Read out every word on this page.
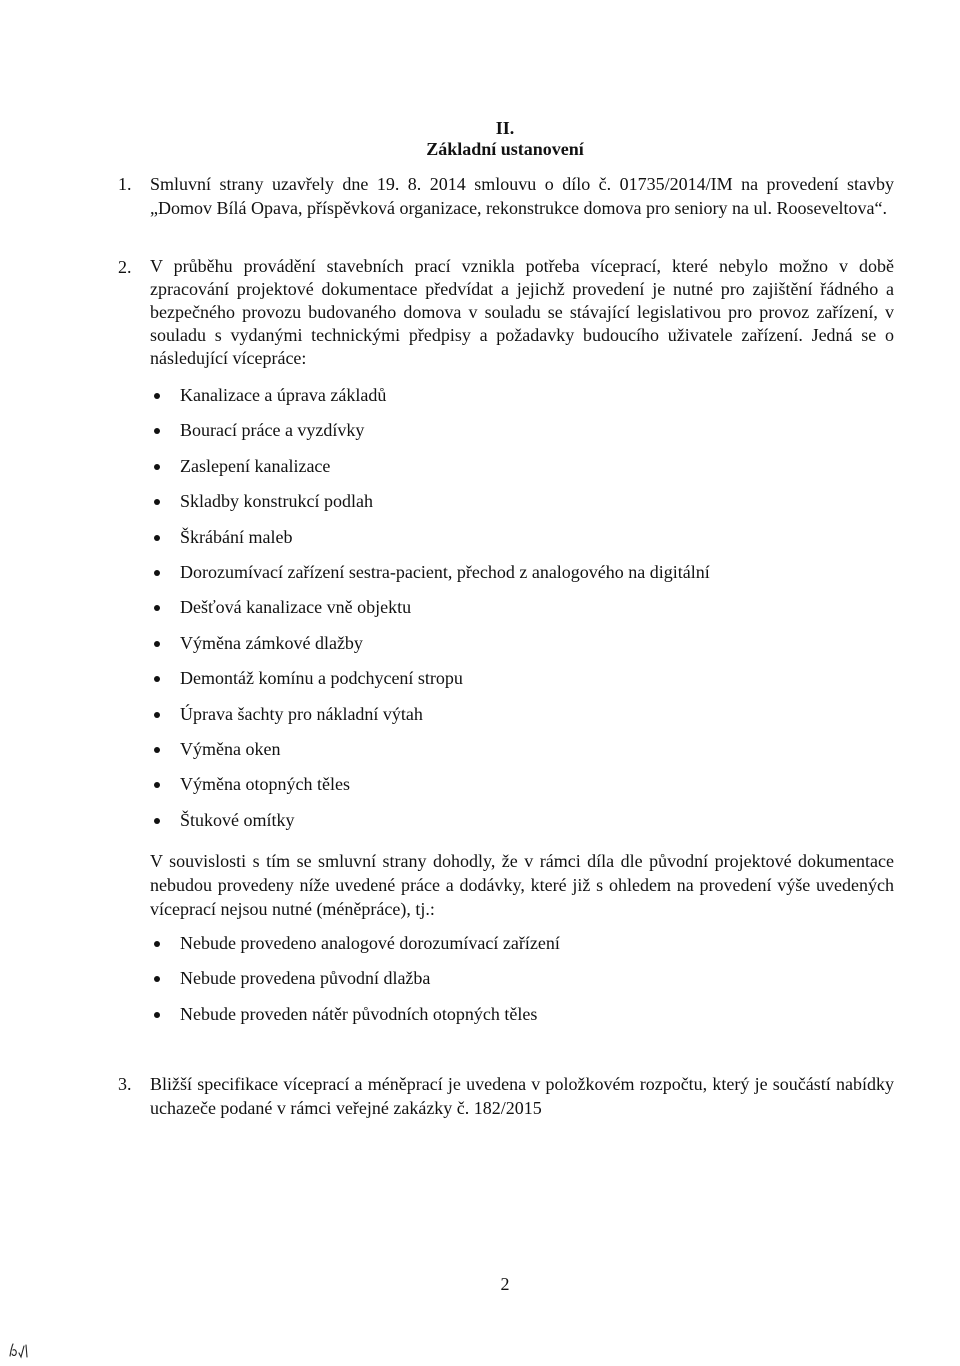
II.
Základní ustanovení
1. Smluvní strany uzavřely dne 19. 8. 2014 smlouvu o dílo č. 01735/2014/IM na provedení stavby „Domov Bílá Opava, příspěvková organizace, rekonstrukce domova pro seniory na ul. Rooseveltova“.
2. V průběhu provádění stavebních prací vznikla potřeba víceprací, které nebylo možno v době zpracování projektové dokumentace předvídat a jejichž provedení je nutné pro zajištění řádného a bezpečného provozu budovaného domova v souladu se stávající legislativou pro provoz zařízení, v souladu s vydanými technickými předpisy a požadavky budoucího uživatele zařízení. Jedná se o následující vícepráce:
Kanalizace a úprava základů
Bourací práce a vyzdívky
Zaslepení kanalizace
Skladby konstrukcí podlah
Škrábání maleb
Dorozumívací zařízení sestra-pacient, přechod z analogového na digitální
Dešťová kanalizace vně objektu
Výměna zámkové dlažby
Demontáž komínu a podchycení stropu
Úprava šachty pro nákladní výtah
Výměna oken
Výměna otopných těles
Štukové omítky
V souvislosti s tím se smluvní strany dohodly, že v rámci díla dle původní projektové dokumentace nebudou provedeny níže uvedené práce a dodávky, které již s ohledem na provedení výše uvedených víceprací nejsou nutné (méněpráce), tj.:
Nebude provedeno analogové dorozumívací zařízení
Nebude provedena původní dlažba
Nebude proveden nátěr původních otopných těles
3. Bližší specifikace víceprací a méněprací je uvedena v položkovém rozpočtu, který je součástí nabídky uchazeče podané v rámci veřejné zakázky č. 182/2015
2
